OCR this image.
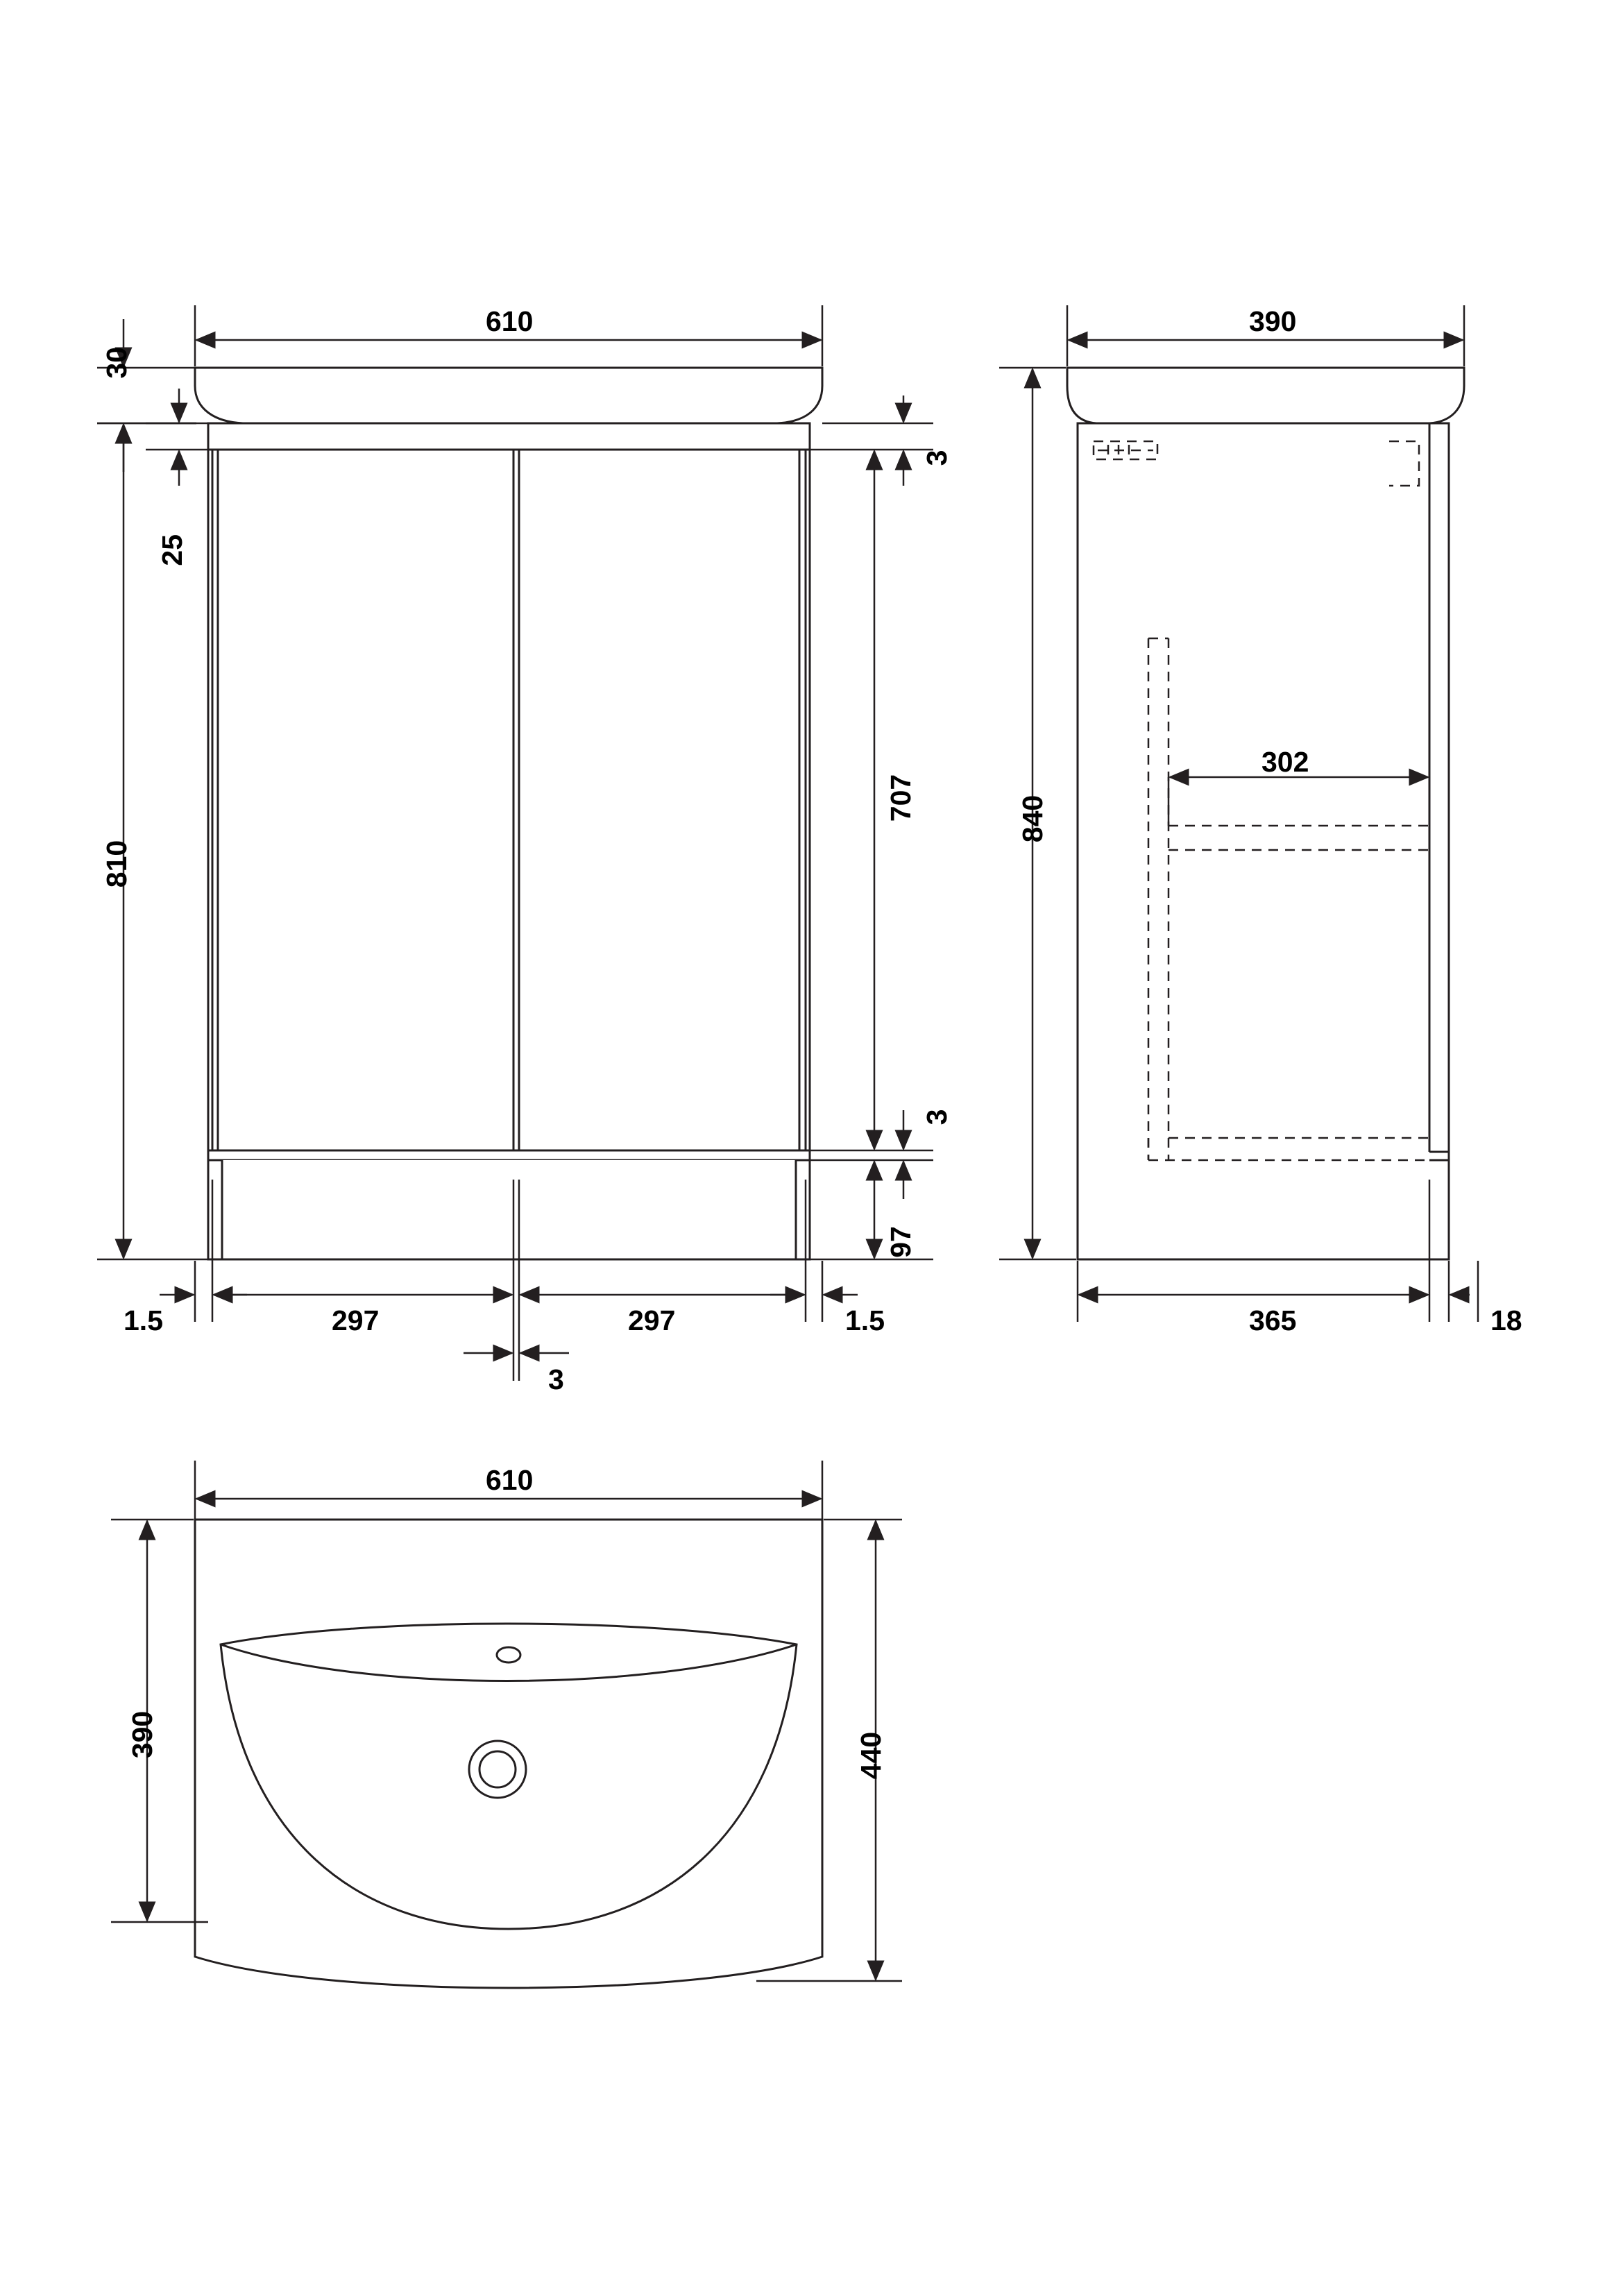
30
25
810
610
3
707
3
97
1.5	297	297	1.5
3
390
840
302
365	18
610
390	440
